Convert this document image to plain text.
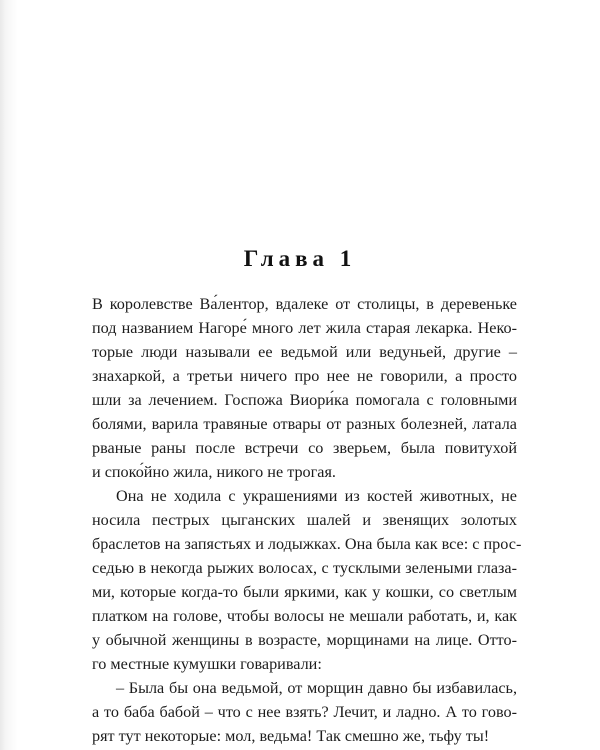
Глава 1
В королевстве Ва́лентор, вдалеке от столицы, в деревеньке
под названием Нагоре́ много лет жила старая лекарка. Неко-
торые люди называли ее ведьмой или ведуньей, другие –
знахаркой, а третьи ничего про нее не говорили, а просто
шли за лечением. Госпожа Виори́ка помогала с головными
болями, варила травяные отвары от разных болезней, латала
рваные раны после встречи со зверьем, была повитухой
и споко́йно жила, никого не трогая.
Она не ходила с украшениями из костей животных, не
носила пестрых цыганских шалей и звенящих золотых
браслетов на запястьях и лодыжках. Она была как все: с прос-
седью в некогда рыжих волосах, с тусклыми зелеными глаза-
ми, которые когда-то были яркими, как у кошки, со светлым
платком на голове, чтобы волосы не мешали работать, и, как
у обычной женщины в возрасте, морщинами на лице. Отто-
го местные кумушки говаривали:
– Была бы она ведьмой, от морщин давно бы избавилась,
а то баба бабой – что с нее взять? Лечит, и ладно. А то гово-
рят тут некоторые: мол, ведьма! Так смешно же, тьфу ты!
